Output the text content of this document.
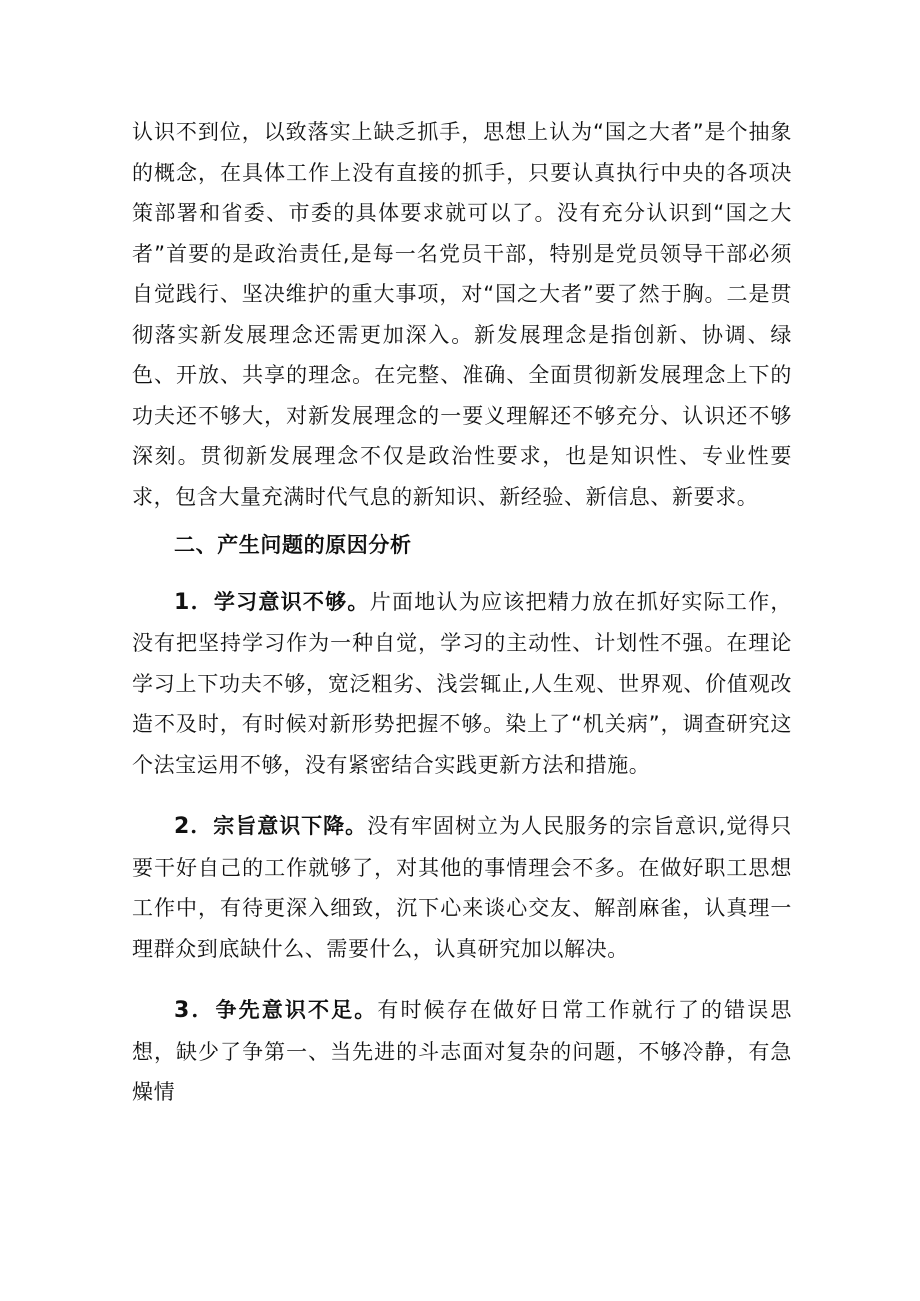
认识不到位，以致落实上缺乏抓手，思想上认为“国之大者”是个抽象的概念，在具体工作上没有直接的抓手，只要认真执行中央的各项决策部署和省委、市委的具体要求就可以了。没有充分认识到“国之大者”首要的是政治责任,是每一名党员干部，特别是党员领导干部必须自觉践行、坚决维护的重大事项，对“国之大者”要了然于胸。二是贯彻落实新发展理念还需更加深入。新发展理念是指创新、协调、绿色、开放、共享的理念。在完整、准确、全面贯彻新发展理念上下的功夫还不够大，对新发展理念的一要义理解还不够充分、认识还不够深刻。贯彻新发展理念不仅是政治性要求，也是知识性、专业性要求，包含大量充满时代气息的新知识、新经验、新信息、新要求。

二、产生问题的原因分析

1．学习意识不够。片面地认为应该把精力放在抓好实际工作，没有把坚持学习作为一种自觉，学习的主动性、计划性不强。在理论学习上下功夫不够，宽泛粗劣、浅尝辄止,人生观、世界观、价值观改造不及时，有时候对新形势把握不够。染上了“机关病”，调查研究这个法宝运用不够，没有紧密结合实践更新方法和措施。

2．宗旨意识下降。没有牢固树立为人民服务的宗旨意识,觉得只要干好自己的工作就够了，对其他的事情理会不多。在做好职工思想工作中，有待更深入细致，沉下心来谈心交友、解剖麻雀，认真理一理群众到底缺什么、需要什么，认真研究加以解决。

3．争先意识不足。有时候存在做好日常工作就行了的错误思想，缺少了争第一、当先进的斗志面对复杂的问题，不够冷静，有急燥情
